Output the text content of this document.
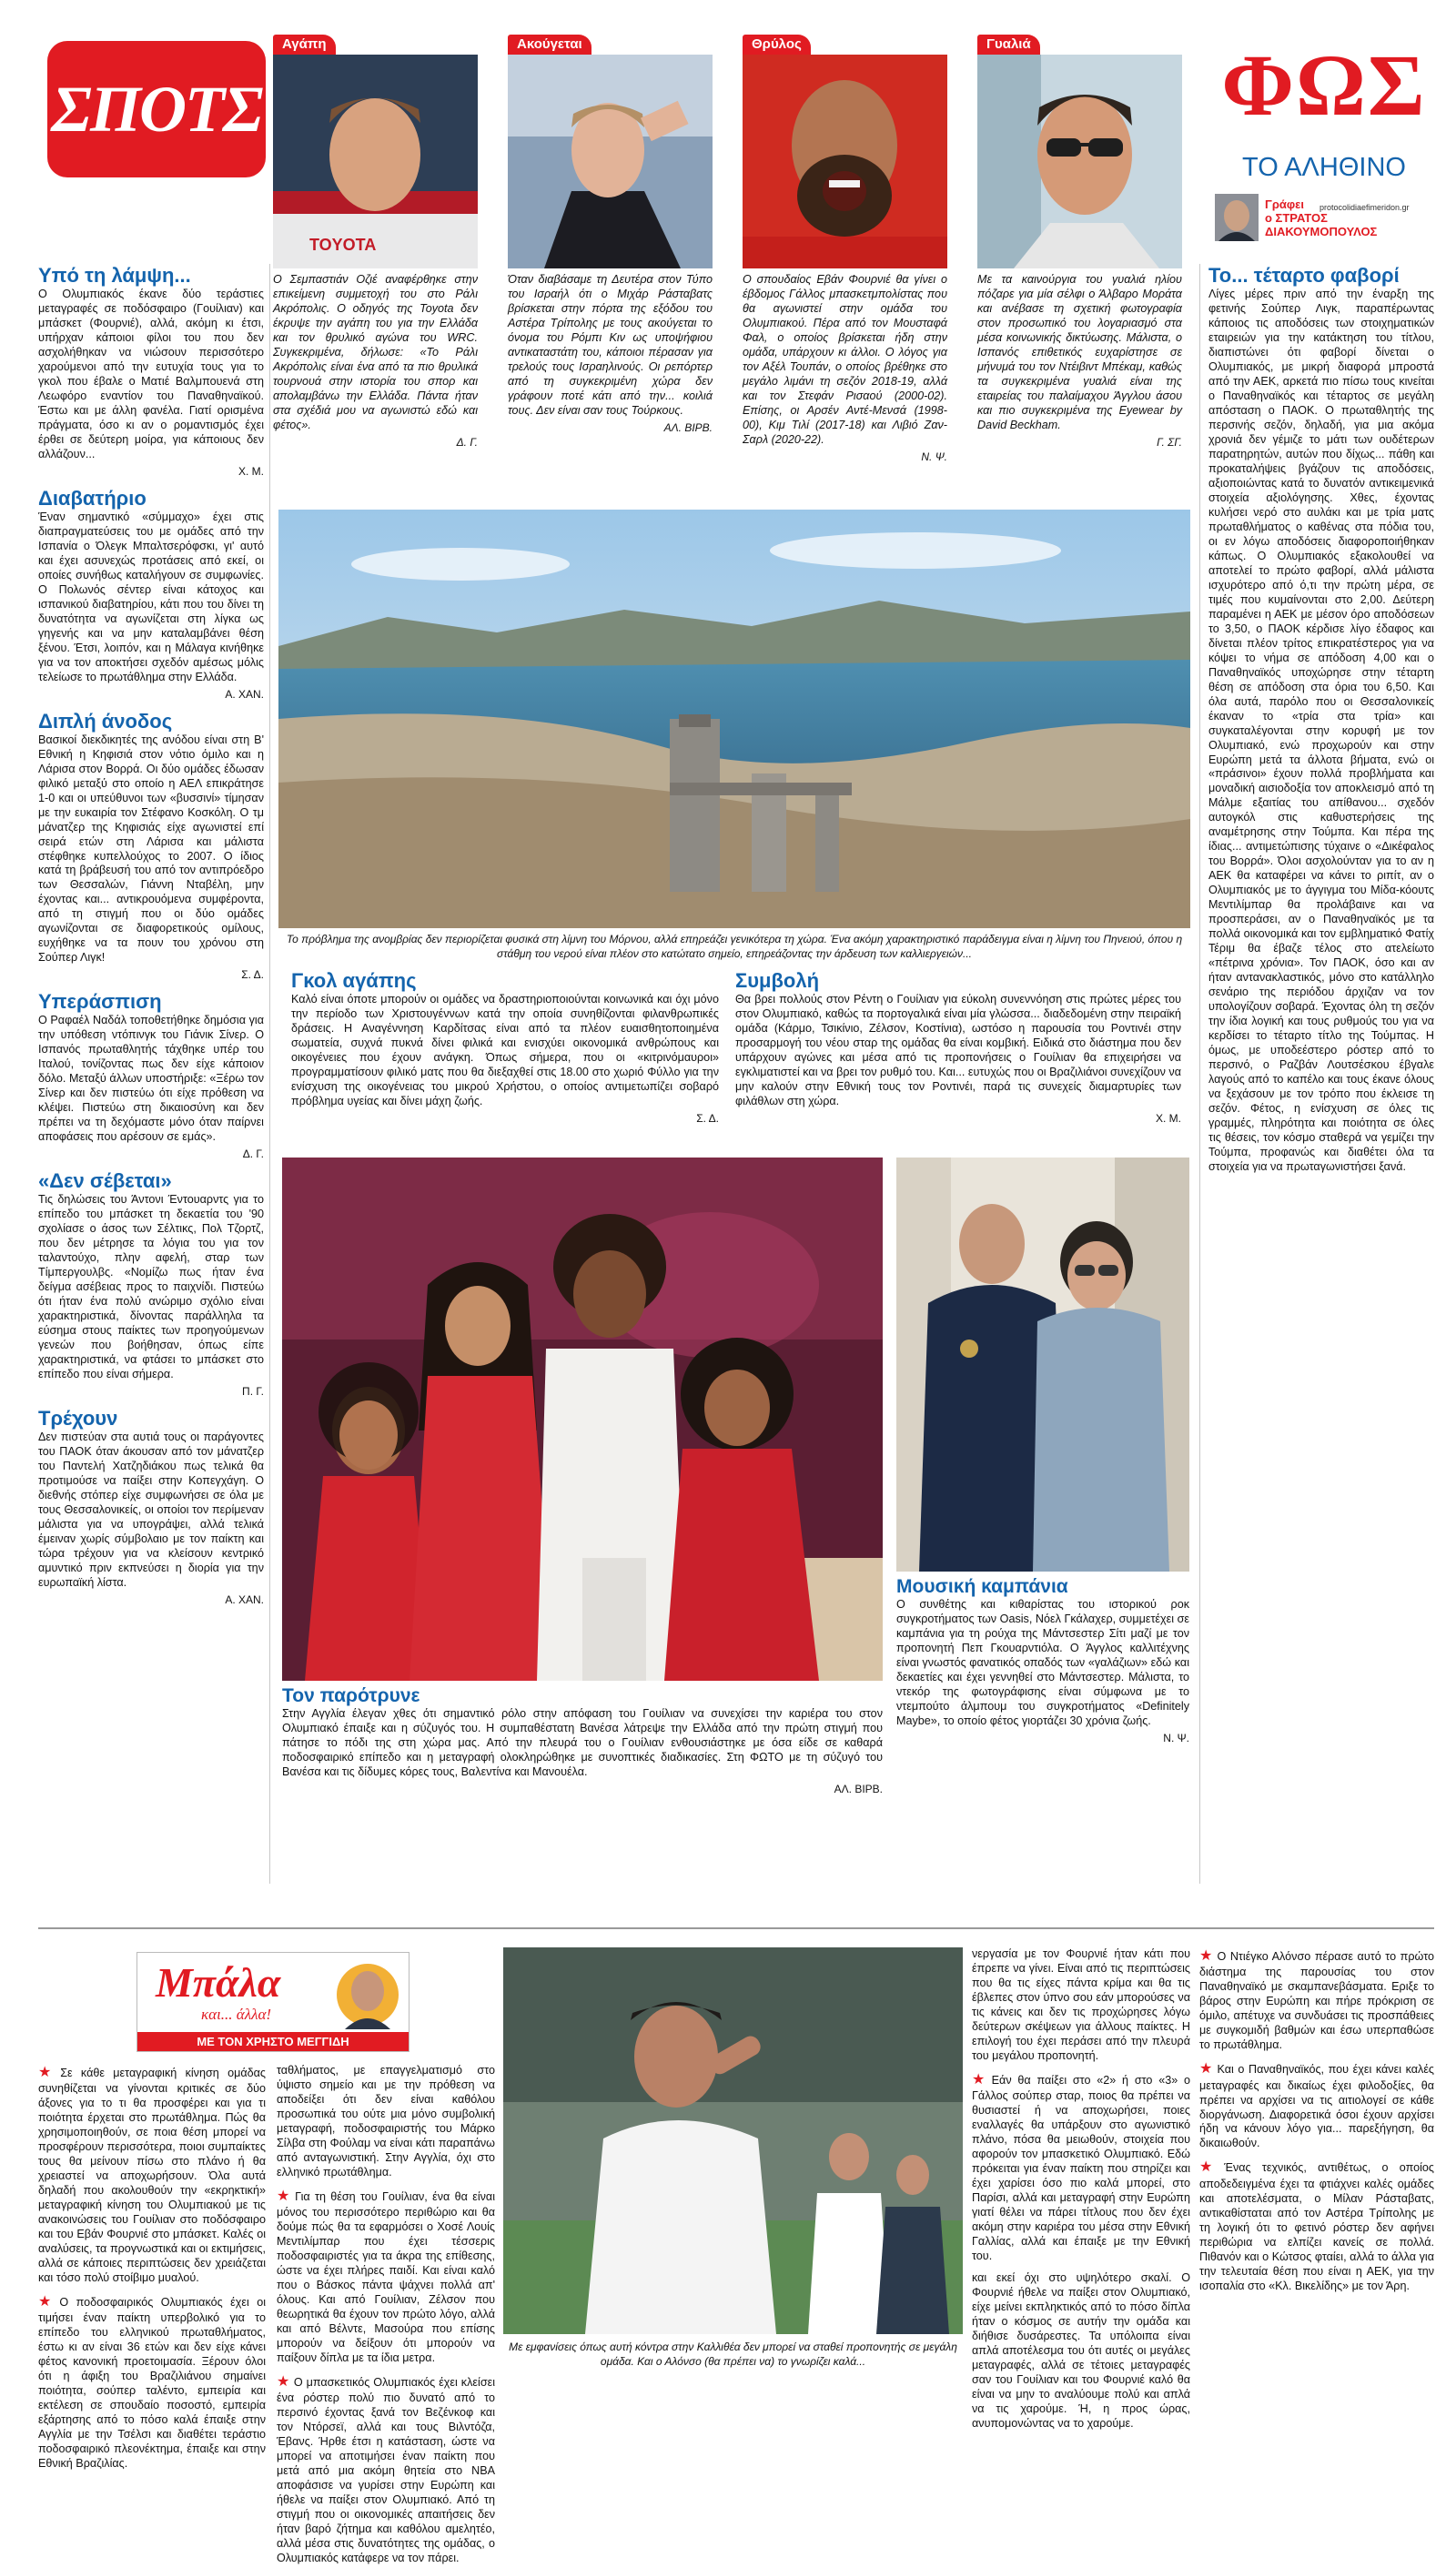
ΣΠΟΤΣ
Αγάπη	Ακούγεται	Θρύλος	Γυαλιά
TOYOTA
ΦΩΣ
ΤΟ ΑΛΗΘΙΝΟ
Γράφει
ο ΣΤΡΑΤΟΣ
ΔΙΑΚΟΥΜΟΠΟΥΛΟΣ
protocolidiaefimeridon.gr

Ο Σεμπαστιάν Οζιέ αναφέρθηκε στην επικείμενη συμμετοχή του στο Ράλι Ακρόπολις. Ο οδηγός της Toyota δεν έκρυψε την αγάπη του για την Ελλάδα και τον θρυλικό αγώνα του WRC. Συγκεκριμένα, δήλωσε: «Το Ράλι Ακρόπολις είναι ένα από τα πιο θρυλικά τουρνουά στην ιστορία του σπορ και απολαμβάνω την Ελλάδα. Πάντα ήταν στα σχέδιά μου να αγωνιστώ εδώ και φέτος».

Δ. Γ.

Όταν διαβάσαμε τη Δευτέρα στον Τύπο του Ισραήλ ότι ο Μιχάρ Ράσταβατς βρίσκεται στην πόρτα της εξόδου του Αστέρα Τρίπολης με τους ακούγεται το όνομα του Ρόμπι Κιν ως υποψήφιου αντικαταστάτη του, κάποιοι πέρασαν για τρελούς τους Ισραηλινούς. Οι ρεπόρτερ από τη συγκεκριμένη χώρα δεν γράφουν ποτέ κάτι από την... κοιλιά τους. Δεν είναι σαν τους Τούρκους.

ΑΛ. ΒΙΡΒ.

Ο σπουδαίος Εβάν Φουρνιέ θα γίνει ο έβδομος Γάλλος μπασκετμπολίστας που θα αγωνιστεί στην ομάδα του Ολυμπιακού. Πέρα από τον Μουσταφά Φαλ, ο οποίος βρίσκεται ήδη στην ομάδα, υπάρχουν κι άλλοι. Ο λόγος για τον Αξέλ Τουπάν, ο οποίος βρέθηκε στο μεγάλο λιμάνι τη σεζόν 2018-19, αλλά και τον Στεφάν Ρισαού (2000-02). Επίσης, οι Αρσέν Αντέ-Μενσά (1998-00), Κιμ Τιλί (2017-18) και Λιβιό Ζαν-Σαρλ (2020-22).

Ν. Ψ.

Με τα καινούργια του γυαλιά ηλίου πόζαρε για μία σέλφι ο Άλβαρο Μοράτα και ανέβασε τη σχετική φωτογραφία στον προσωπικό του λογαριασμό στα μέσα κοινωνικής δικτύωσης. Μάλιστα, ο Ισπανός επιθετικός ευχαρίστησε σε μήνυμά του τον Ντέιβιντ Μπέκαμ, καθώς τα συγκεκριμένα γυαλιά είναι της εταιρείας του παλαίμαχου Άγγλου άσου και πιο συγκεκριμένα της Eyewear by David Beckham.

Γ. ΣΓ.
Υπό τη λάμψη...
Ο Ολυμπιακός έκανε δύο τεράστιες μεταγραφές σε ποδόσφαιρο (Γουίλιαν) και μπάσκετ (Φουρνιέ), αλλά, ακόμη κι έτσι, υπήρχαν κάποιοι φίλοι του που δεν ασχολήθηκαν να νιώσουν περισσότερο χαρούμενοι από την ευτυχία τους για το γκολ που έβαλε ο Ματιέ Βαλμπουενά στη Λεωφόρο εναντίον του Παναθηναϊκού. Έστω και με άλλη φανέλα. Γιατί ορισμένα πράγματα, όσο κι αν ο ρομαντισμός έχει έρθει σε δεύτερη μοίρα, για κάποιους δεν αλλάζουν...
Χ. Μ.
Διαβατήριο
Έναν σημαντικό «σύμμαχο» έχει στις διαπραγματεύσεις του με ομάδες από την Ισπανία ο Όλεγκ Μπαλτσερόφσκι, γι' αυτό και έχει ασυνεχώς προτάσεις από εκεί, οι οποίες συνήθως καταλήγουν σε συμφωνίες. Ο Πολωνός σέντερ είναι κάτοχος και ισπανικού διαβατηρίου, κάτι που του δίνει τη δυνατότητα να αγωνίζεται στη λίγκα ως γηγενής και να μην καταλαμβάνει θέση ξένου. Έτσι, λοιπόν, και η Μάλαγα κινήθηκε για να τον αποκτήσει σχεδόν αμέσως μόλις τελείωσε το πρωτάθλημα στην Ελλάδα.
Α. ΧΑΝ.
Διπλή άνοδος
Βασικοί διεκδικητές της ανόδου είναι στη Β' Εθνική η Κηφισιά στον νότιο όμιλο και η Λάρισα στον Βορρά. Οι δύο ομάδες έδωσαν φιλικό μεταξύ στο οποίο η ΑΕΛ επικράτησε 1-0 και οι υπεύθυνοι των «βυσσινί» τίμησαν με την ευκαιρία τον Στέφανο Κοσκόλη. Ο τμ μάνατζερ της Κηφισιάς είχε αγωνιστεί επί σειρά ετών στη Λάρισα και μάλιστα στέφθηκε κυπελλούχος το 2007. Ο ίδιος κατά τη βράβευσή του από τον αντιπρόεδρο των Θεσσαλών, Γιάννη Νταβέλη, μην έχοντας και... αντικρουόμενα συμφέροντα, από τη στιγμή που οι δύο ομάδες αγωνίζονται σε διαφορετικούς ομίλους, ευχήθηκε να τα πουν του χρόνου στη Σούπερ Λιγκ!
Σ. Δ.
Υπεράσπιση
Ο Ραφαέλ Ναδάλ τοποθετήθηκε δημόσια για την υπόθεση ντόπινγκ του Γιάνικ Σίνερ. Ο Ισπανός πρωταθλητής τάχθηκε υπέρ του Ιταλού, τονίζοντας πως δεν είχε κάποιον δόλο. Μεταξύ άλλων υποστήριξε: «Ξέρω τον Σίνερ και δεν πιστεύω ότι είχε πρόθεση να κλέψει. Πιστεύω στη δικαιοσύνη και δεν πρέπει να τη δεχόμαστε μόνο όταν παίρνει αποφάσεις που αρέσουν σε εμάς».
Δ. Γ.
«Δεν σέβεται»
Τις δηλώσεις του Άντονι Έντουαρντς για το επίπεδο του μπάσκετ τη δεκαετία του '90 σχολίασε ο άσος των Σέλτικς, Πολ Τζορτζ, που δεν μέτρησε τα λόγια του για τον ταλαντούχο, πλην αφελή, σταρ των Τίμπεργουλβς. «Νομίζω πως ήταν ένα δείγμα ασέβειας προς το παιχνίδι. Πιστεύω ότι ήταν ένα πολύ ανώριμο σχόλιο είναι χαρακτηριστικά, δίνοντας παράλληλα τα εύσημα στους παίκτες των προηγούμενων γενεών που βοήθησαν, όπως είπε χαρακτηριστικά, να φτάσει το μπάσκετ στο επίπεδο που είναι σήμερα.
Π. Γ.
Τρέχουν
Δεν πιστεύαν στα αυτιά τους οι παράγοντες του ΠΑΟΚ όταν άκουσαν από τον μάνατζερ του Παντελή Χατζηδιάκου πως τελικά θα προτιμούσε να παίξει στην Κοπεγχάγη. Ο διεθνής στόπερ είχε συμφωνήσει σε όλα με τους Θεσσαλονικείς, οι οποίοι τον περίμεναν μάλιστα για να υπογράψει, αλλά τελικά έμειναν χωρίς σύμβολαιο με τον παίκτη και τώρα τρέχουν για να κλείσουν κεντρικό αμυντικό πριν εκπνεύσει η διορία για την ευρωπαϊκή λίστα.
Α. ΧΑΝ.
Το πρόβλημα της ανομβρίας δεν περιορίζεται φυσικά στη λίμνη του Μόρνου, αλλά επηρεάζει γενικότερα τη χώρα. Ένα ακόμη χαρακτηριστικό παράδειγμα είναι η λίμνη του Πηνειού, όπου η στάθμη του νερού είναι πλέον στο κατώτατο σημείο, επηρεάζοντας την άρδευση των καλλιεργειών...
Γκολ αγάπης
Καλό είναι όποτε μπορούν οι ομάδες να δραστηριοποιούνται κοινωνικά και όχι μόνο την περίοδο των Χριστουγέννων κατά την οποία συνηθίζονται φιλανθρωπικές δράσεις. Η Αναγέννηση Καρδίτσας είναι από τα πλέον ευαισθητοποιημένα σωματεία, συχνά πυκνά δίνει φιλικά και ενισχύει οικονομικά ανθρώπους και οικογένειες που έχουν ανάγκη. Όπως σήμερα, που οι «κιτρινόμαυροι» προγραμματίσουν φιλικό ματς που θα διεξαχθεί στις 18.00 στο χωριό Φύλλο για την ενίσχυση της οικογένειας του μικρού Χρήστου, ο οποίος αντιμετωπίζει σοβαρό πρόβλημα υγείας και δίνει μάχη ζωής.
Σ. Δ.
Συμβολή
Θα βρει πολλούς στον Ρέντη ο Γουίλιαν για εύκολη συνεννόηση στις πρώτες μέρες του στον Ολυμπιακό, καθώς τα πορτογαλικά είναι μία γλώσσα... διαδεδομένη στην πειραϊκή ομάδα (Κάρμο, Τσικίνιο, Ζέλσον, Κοστίνια), ωστόσο η παρουσία του Ροντινέι στην προσαρμογή του νέου σταρ της ομάδας θα είναι κομβική. Ειδικά στο διάστημα που δεν υπάρχουν αγώνες και μέσα από τις προπονήσεις ο Γουίλιαν θα επιχειρήσει να εγκλιματιστεί και να βρει τον ρυθμό του. Και... ευτυχώς που οι Βραζιλιάνοι συνεχίζουν να μην καλούν στην Εθνική τους τον Ροντινέι, παρά τις συνεχείς διαμαρτυρίες των φιλάθλων στη χώρα.
Χ. Μ.
Τον παρότρυνε
Στην Αγγλία έλεγαν χθες ότι σημαντικό ρόλο στην απόφαση του Γουίλιαν να συνεχίσει την καριέρα του στον Ολυμπιακό έπαιξε και η σύζυγός του. Η συμπαθέστατη Βανέσα λάτρεψε την Ελλάδα από την πρώτη στιγμή που πάτησε το πόδι της στη χώρα μας. Από την πλευρά του ο Γουίλιαν ενθουσιάστηκε με όσα είδε σε καθαρά ποδοσφαιρικό επίπεδο και η μεταγραφή ολοκληρώθηκε με συνοπτικές διαδικασίες. Στη ΦΩΤΟ με τη σύζυγό του Βανέσα και τις δίδυμες κόρες τους, Βαλεντίνα και Μανουέλα.
ΑΛ. ΒΙΡΒ.
Μουσική καμπάνια
Ο συνθέτης και κιθαρίστας του ιστορικού ροκ συγκροτήματος των Oasis, Νόελ Γκάλαχερ, συμμετέχει σε καμπάνια για τη ρούχα της Μάντσεστερ Σίτι μαζί με τον προπονητή Πεπ Γκουαρντιόλα. Ο Άγγλος καλλιτέχνης είναι γνωστός φανατικός οπαδός των «γαλάζιων» εδώ και δεκαετίες και έχει γεννηθεί στο Μάντσεστερ. Μάλιστα, το ντεκόρ της φωτογράφισης είναι σύμφωνα με το ντεμπούτο άλμπουμ του συγκροτήματος «Definitely Maybe», το οποίο φέτος γιορτάζει 30 χρόνια ζωής.
Ν. Ψ.
Το... τέταρτο φαβορί
Λίγες μέρες πριν από την έναρξη της φετινής Σούπερ Λιγκ, παραπέρωντας κάποιος τις αποδόσεις των στοιχηματικών εταιρειών για την κατάκτηση του τίτλου, διαπιστώνει ότι φαβορί δίνεται ο Ολυμπιακός, με μικρή διαφορά μπροστά από την ΑΕΚ, αρκετά πιο πίσω τους κινείται ο Παναθηναϊκός και τέταρτος σε μεγάλη απόσταση ο ΠΑΟΚ. Ο πρωταθλητής της περσινής σεζόν, δηλαδή, για μια ακόμα χρονιά δεν γέμιζε το μάτι των ουδέτερων παρατηρητών, αυτών που δίχως... πάθη και προκαταλήψεις βγάζουν τις αποδόσεις, αξιοποιώντας κατά το δυνατόν αντικειμενικά στοιχεία αξιολόγησης. Χθες, έχοντας κυλήσει νερό στο αυλάκι και με τρία ματς πρωταθλήματος ο καθένας στα πόδια του, οι εν λόγω αποδόσεις διαφοροποιήθηκαν κάπως. Ο Ολυμπιακός εξακολουθεί να αποτελεί το πρώτο φαβορί, αλλά μάλιστα ισχυρότερο από ό,τι την πρώτη μέρα, σε τιμές που κυμαίνονται στο 2,00. Δεύτερη παραμένει η ΑΕΚ με μέσον όρο αποδόσεων το 3,50, ο ΠΑΟΚ κέρδισε λίγο έδαφος και δίνεται πλέον τρίτος επικρατέστερος για να κόψει το νήμα σε απόδοση 4,00 και ο Παναθηναϊκός υποχώρησε στην τέταρτη θέση σε απόδοση στα όρια του 6,50. Και όλα αυτά, παρόλο που οι Θεσσαλονικείς έκαναν το «τρία στα τρία» και συγκαταλέγονται στην κορυφή με τον Ολυμπιακό, ενώ προχωρούν και στην Ευρώπη μετά τα άλλοτα βήματα, ενώ οι «πράσινοι» έχουν πολλά προβλήματα και μοναδική αισιοδοξία τον αποκλεισμό από τη Μάλμε εξαιτίας του απίθανου... σχεδόν αυτογκόλ στις καθυστερήσεις της αναμέτρησης στην Τούμπα. Και πέρα της ίδιας... αντιμετώπισης τύχαινε ο «Δικέφαλος του Βορρά». Όλοι ασχολούνταν για το αν η ΑΕΚ θα καταφέρει να κάνει το ριπίτ, αν ο Ολυμπιακός με το άγγιγμα του Μίδα-κόουτς Μεντιλίμπαρ θα προλάβαινε και να προσπεράσει, αν ο Παναθηναϊκός με τα πολλά οικονομικά και τον εμβληματικό Φατίχ Τέριμ θα έβαζε τέλος στο ατελείωτο «πέτρινα χρόνια». Τον ΠΑΟΚ, όσο και αν ήταν αντανακλαστικός, μόνο στο κατάλληλο σενάριο της περιόδου άρχιζαν να τον υπολογίζουν σοβαρά. Έχοντας όλη τη σεζόν την ίδια λογική και τους ρυθμούς του για να κερδίσει το τέταρτο τίτλο της Τούμπας. Η όμως, με υποδεέστερο ρόστερ από το περσινό, ο Ραζβάν Λουτσέσκου έβγαλε λαγούς από το καπέλο και τους έκανε όλους να ξεχάσουν με τον τρόπο που έκλεισε τη σεζόν. Φέτος, η ενίσχυση σε όλες τις γραμμές, πληρότητα και ποιότητα σε όλες τις θέσεις, τον κόσμο σταθερά να γεμίζει την Τούμπα, προφανώς και διαθέτει όλα τα στοιχεία για να πρωταγωνιστήσει ξανά.
Μπάλα
και... άλλα!
ΜΕ ΤΟΝ ΧΡΗΣΤΟ ΜΕΓΓΙΔΗ

★ Σε κάθε μεταγραφική κίνηση ομάδας συνηθίζεται να γίνονται κριτικές σε δύο άξονες για το τι θα προσφέρει και για τι ποιότητα έρχεται στο πρωτάθλημα. Πώς θα χρησιμοποιηθούν, σε ποια θέση μπορεί να προσφέρουν περισσότερα, ποιοι συμπαίκτες τους θα μείνουν πίσω στο πλάνο ή θα χρειαστεί να αποχωρήσουν. Όλα αυτά δηλαδή που ακολουθούν την «εκρηκτική» μεταγραφική κίνηση του Ολυμπιακού με τις ανακοινώσεις του Γουίλιαν στο ποδόσφαιρο και του Εβάν Φουρνιέ στο μπάσκετ. Καλές οι αναλύσεις, τα προγνωστικά και οι εκτιμήσεις, αλλά σε κάποιες περιπτώσεις δεν χρειάζεται και τόσο πολύ στοίβιμο μυαλού.

★ Ο ποδοσφαιρικός Ολυμπιακός έχει οι τιμήσει έναν παίκτη υπερβολικό για το επίπεδο του ελληνικού πρωταθλήματος, έστω κι αν είναι 36 ετών και δεν είχε κάνει φέτος κανονική προετοιμασία. Ξέρουν όλοι ότι η άφιξη του Βραζιλιάνου σημαίνει ποιότητα, σούπερ ταλέντο, εμπειρία και εκτέλεση σε σπουδαίο ποσοστό, εμπειρία εξάρτησης από το πόσο καλά έπαιξε στην Αγγλία με την Τσέλσι και διαθέτει τεράστιο ποδοσφαιρικό πλεονέκτημα, έπαιξε και στην Εθνική Βραζιλίας.

ταθλήματος, με επαγγελματισμό στο ύψιστο σημείο και με την πρόθεση να αποδείξει ότι δεν είναι καθόλου προσωπικά του ούτε μια μόνο συμβολική μεταγραφή, ποδοσφαιριστής του Μάρκο Σίλβα στη Φούλαμ να είναι κάτι παραπάνω από ανταγωνιστική. Στην Αγγλία, όχι στο ελληνικό πρωτάθλημα.

★ Για τη θέση του Γουίλιαν, ένα θα είναι μόνος του περισσότερο περιθώριο και θα δούμε πώς θα τα εφαρμόσει ο Χοσέ Λουίς Μεντιλίμπαρ που έχει τέσσερις ποδοσφαιριστές για τα άκρα της επίθεσης, ώστε να έχει πλήρες παιδί. Και είναι καλό που ο Βάσκος πάντα ψάχνει πολλά απ' όλους. Και από Γουίλιαν, Ζέλσον που θεωρητικά θα έχουν τον πρώτο λόγο, αλλά και από Βέλντε, Μασούρα που επίσης μπορούν να δείξουν ότι μπορούν να παίξουν δίπλα με τα ίδια μετρα.

★ Ο μπασκετικός Ολυμπιακός έχει κλείσει ένα ρόστερ πολύ πιο δυνατό από το περσινό έχοντας ξανά τον Βεζένκοφ και τον Ντόρσεϊ, αλλά και τους Βιλντόζα, Έβανς. Ήρθε έτσι η κατάσταση, ώστε να μπορεί να αποτιμήσει έναν παίκτη που μετά από μια ακόμη θητεία στο ΝΒΑ αποφάσισε να γυρίσει στην Ευρώπη και ήθελε να παίξει στον Ολυμπιακό. Από τη στιγμή που οι οικονομικές απαιτήσεις δεν ήταν βαρό ζήτημα και καθόλου αμελητέο, αλλά μέσα στις δυνατότητες της ομάδας, ο Ολυμπιακός κατάφερε να τον πάρει.

Με εμφανίσεις όπως αυτή κόντρα στην Καλλιθέα δεν μπορεί να σταθεί προπονητής σε μεγάλη ομάδα. Και ο Αλόνσο (θα πρέπει να) το γνωρίζει καλά...

νεργασία με τον Φουρνιέ ήταν κάτι που έπρεπε να γίνει. Είναι από τις περιπτώσεις που θα τις είχες πάντα κρίμα και θα τις έβλεπες στον ύπνο σου εάν μπορούσες να τις κάνεις και δεν τις προχώρησες λόγω δεύτερων σκέψεων για άλλους παίκτες. Η επιλογή του έχει περάσει από την πλευρά του μεγάλου προπονητή.

★ Εάν θα παίξει στο «2» ή στο «3» ο Γάλλος σούπερ σταρ, ποιος θα πρέπει να θυσιαστεί ή να αποχωρήσει, ποιες εναλλαγές θα υπάρξουν στο αγωνιστικό πλάνο, πόσα θα μειωθούν, στοιχεία που αφορούν τον μπασκετικό Ολυμπιακό. Εδώ πρόκειται για έναν παίκτη που στηρίζει και έχει χαρίσει όσο πιο καλά μπορεί, στο Παρίσι, αλλά και μεταγραφή στην Ευρώπη γιατί θέλει να πάρει τίτλους που δεν έχει ακόμη στην καριέρα του μέσα στην Εθνική Γαλλίας, αλλά και έπαιξε με την Εθνική του.

και εκεί όχι στο υψηλότερο σκαλί. Ο Φουρνιέ ήθελε να παίξει στον Ολυμπιακό, είχε μείνει εκπληκτικός από το πόσο δίπλα ήταν ο κόσμος σε αυτήν την ομάδα και διήθισε δυσάρεστες. Τα υπόλοιπα είναι απλά αποτέλεσμα του ότι αυτές οι μεγάλες μεταγραφές, αλλά σε τέτοιες μεταγραφές σαν του Γουίλιαν και του Φουρνιέ καλό θα είναι να μην το αναλύουμε πολύ και απλά να τις χαρούμε. Ή, η προς ώρας, ανυπομονώντας να το χαρούμε.

★ Ο Ντιέγκο Αλόνσο πέρασε αυτό το πρώτο διάστημα της παρουσίας του στον Παναθηναϊκό με σκαμπανεβάσματα. Εριξε το βάρος στην Ευρώπη και πήρε πρόκριση σε όμιλο, απέτυχε να συνδυάσει τις προσπάθειες με συγκομιδή βαθμών και έσω υπερπαθώσε το πρωτάθλημα.

★ Και ο Παναθηναϊκός, που έχει κάνει καλές μεταγραφές και δικαίως έχει φιλοδοξίες, θα πρέπει να αρχίσει να τις αιτιολογεί σε κάθε διοργάνωση. Διαφορετικά όσοι έχουν αρχίσει ήδη να κάνουν λόγο για... παρεξήγηση, θα δικαιωθούν.

★ Ένας τεχνικός, αντιθέτως, ο οποίος αποδεδειγμένα έχει τα φτιάχνει καλές ομάδες και αποτελέσματα, ο Μίλαν Ράσταβατς, αντικαθίσταται από τον Αστέρα Τρίπολης με τη λογική ότι το φετινό ρόστερ δεν αφήνει περιθώρια να ελπίζει κανείς σε πολλά. Πιθανόν και ο Κώτσος φταίει, αλλά το άλλα για την τελευταία θέση που είναι η ΑΕΚ, για την ισοπαλία στο «Κλ. Βικελίδης» με τον Άρη.
